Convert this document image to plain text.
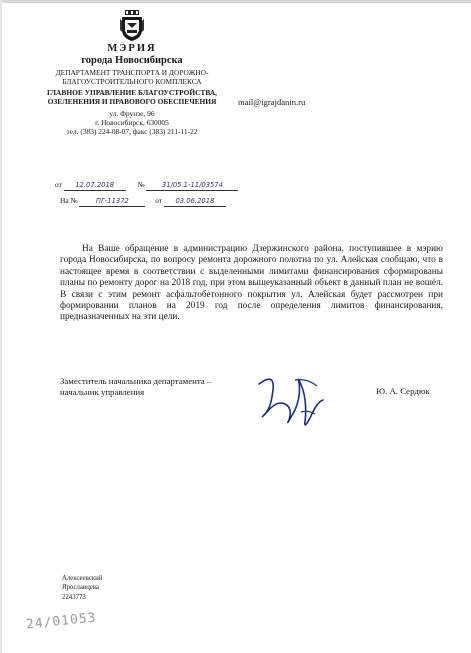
МЭРИЯ
города Новосибирска
ДЕПАРТАМЕНТ ТРАНСПОРТА И ДОРОЖНО-БЛАГОУСТРОИТЕЛЬНОГО КОМПЛЕКСА
ГЛАВНОЕ УПРАВЛЕНИЕ БЛАГОУСТРОЙСТВА, ОЗЕЛЕНЕНИЯ И ПРАВОВОГО ОБЕСПЕЧЕНИЯ
ул. Фрунзе, 96
г. Новосибирск, 630005
тел. (383) 224-08-07, факс (383) 211-11-22
от 12.07.2018	№	31/05.1-11/03574
На №	ПГ-11372	от 03.06.2018
mail@igrajdanin.ru
На Ваше обращение в администрацию Дзержинского района, поступившее в мэрию города Новосибирска, по вопросу ремонта дорожного полотна по ул. Алейская сообщаю, что в настоящее время в соответствии с выделенными лимитами финансирования сформированы планы по ремонту дорог на 2018 год, при этом вышеуказанный объект в данный план не вошёл. В связи с этим ремонт асфальтобетонного покрытия ул. Алейская будет рассмотрен при формировании планов на 2019 год после определения лимитов финансирования, предназначенных на эти цели.
Заместитель начальника департамента –
начальник управления	Ю. А. Сердюк
Алексеевский
Ярославцева
2243773
24/01053
